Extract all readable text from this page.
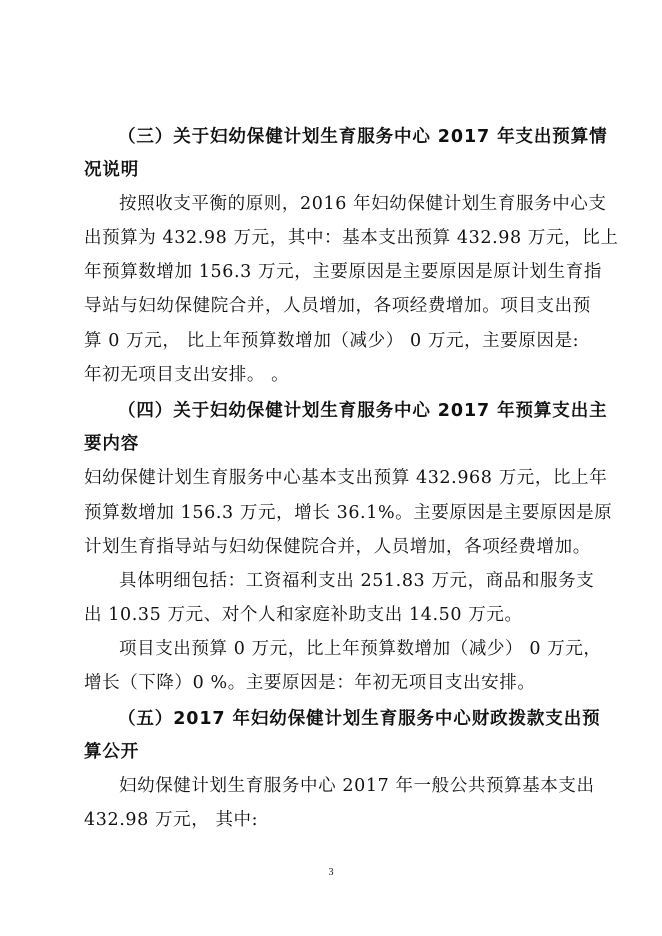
（三）关于妇幼保健计划生育服务中心 2017 年支出预算情
况说明
按照收支平衡的原则，2016 年妇幼保健计划生育服务中心支
出预算为 432.98 万元，其中：基本支出预算 432.98 万元，比上
年预算数增加 156.3 万元，主要原因是主要原因是原计划生育指
导站与妇幼保健院合并，人员增加，各项经费增加。项目支出预
算 0 万元， 比上年预算数增加（减少） 0 万元，主要原因是:
年初无项目支出安排。 。
（四）关于妇幼保健计划生育服务中心 2017 年预算支出主
要内容
妇幼保健计划生育服务中心基本支出预算 432.968 万元，比上年
预算数增加 156.3 万元，增长 36.1%。主要原因是主要原因是原
计划生育指导站与妇幼保健院合并，人员增加，各项经费增加。
具体明细包括：工资福利支出 251.83 万元，商品和服务支
出 10.35 万元、对个人和家庭补助支出 14.50 万元。
项目支出预算 0 万元，比上年预算数增加（减少） 0 万元，
增长（下降）0 %。主要原因是：年初无项目支出安排。
（五）2017 年妇幼保健计划生育服务中心财政拨款支出预
算公开
妇幼保健计划生育服务中心 2017 年一般公共预算基本支出
432.98 万元， 其中:
3
